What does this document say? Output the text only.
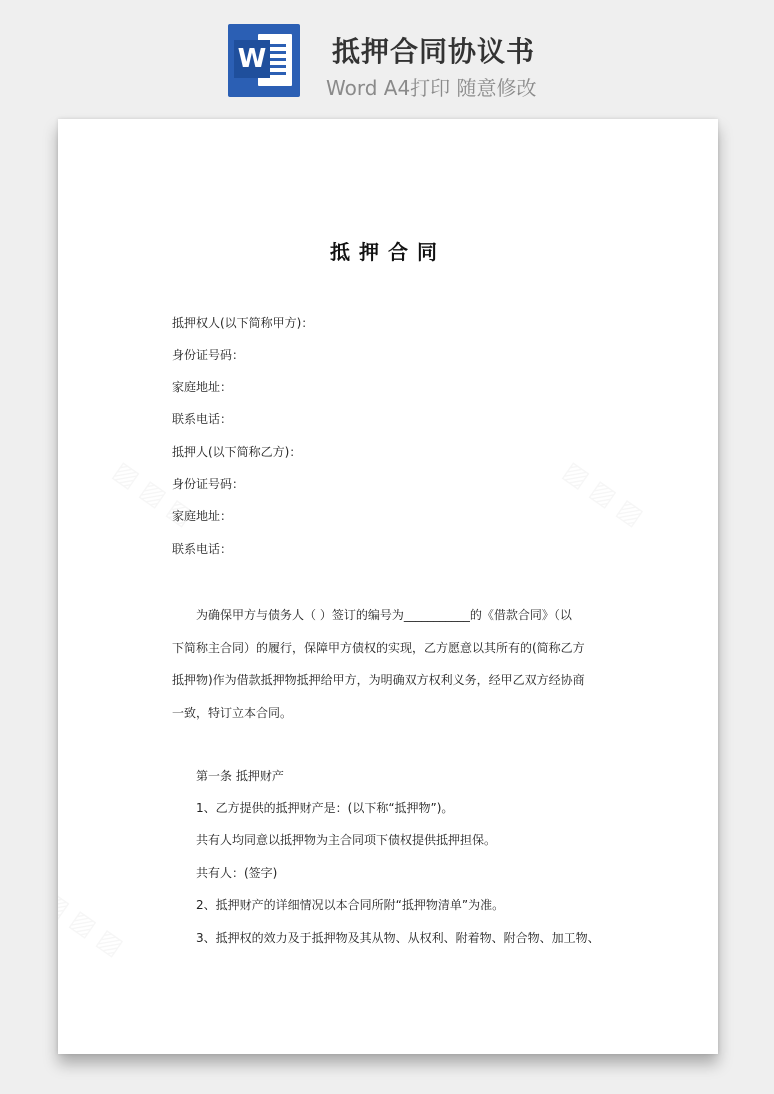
W 抵押合同协议书
Word A4打印 随意修改
抵押合同
抵押权人(以下简称甲方)：
身份证号码：
家庭地址：
联系电话：
抵押人(以下简称乙方)：
身份证号码：
家庭地址：
联系电话：
为确保甲方与债务人（ ）签订的编号为___________的《借款合同》（以
下简称主合同）的履行，保障甲方债权的实现，乙方愿意以其所有的(简称乙方
抵押物)作为借款抵押物抵押给甲方，为明确双方权利义务，经甲乙双方经协商
一致，特订立本合同。
第一条 抵押财产
1、乙方提供的抵押财产是：(以下称“抵押物”)。
共有人均同意以抵押物为主合同项下债权提供抵押担保。
共有人：(签字)
2、抵押财产的详细情况以本合同所附“抵押物清单”为准。
3、抵押权的效力及于抵押物及其从物、从权利、附着物、附合物、加工物、
